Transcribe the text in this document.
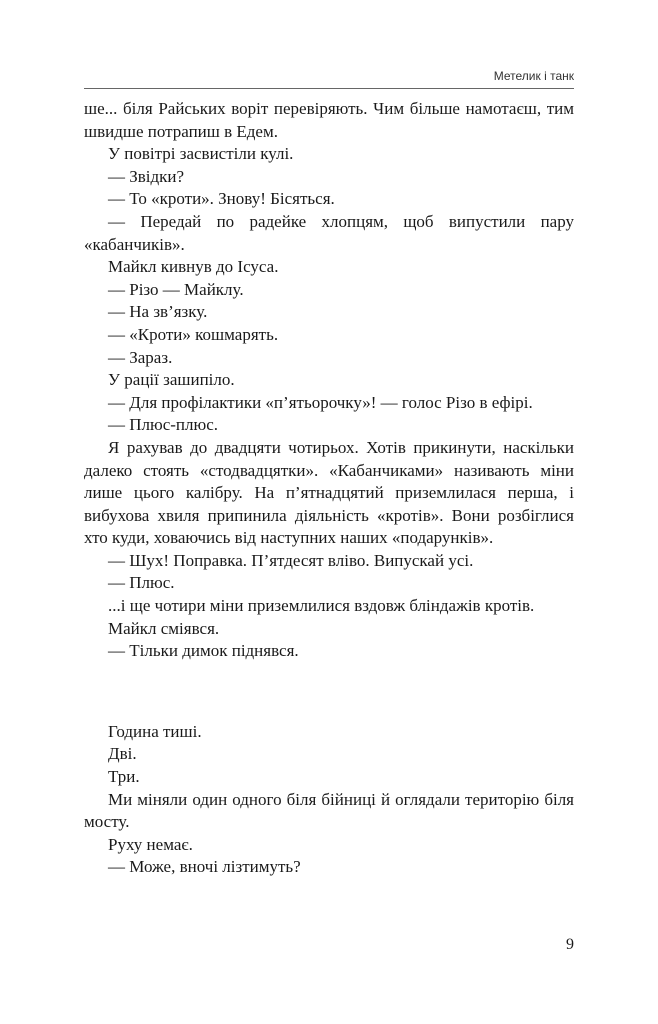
Метелик і танк

ше... біля Райських воріт перевіряють. Чим більше намотаєш, тим швидше потрапиш в Едем.

У повітрі засвистіли кулі.

— Звідки?

— То «кроти». Знову! Бісяться.

— Передай по радейке хлопцям, щоб випустили пару «кабанчиків».

Майкл кивнув до Ісуса.

— Різо — Майклу.

— На зв’язку.

— «Кроти» кошмарять.

— Зараз.

У рації зашипіло.

— Для профілактики «п’ятьорочку»! — голос Різо в ефірі.

— Плюс-плюс.

Я рахував до двадцяти чотирьох. Хотів прикинути, наскільки далеко стоять «стодвадцятки». «Кабанчиками» називають міни лише цього калібру. На п’ятнадцятий приземлилася перша, і вибухова хвиля припинила діяльність «кротів». Вони розбіглися хто куди, ховаючись від наступних наших «подарунків».

— Шух! Поправка. П’ятдесят вліво. Випускай усі.

— Плюс.

...і ще чотири міни приземлилися вздовж бліндажів кротів.

Майкл сміявся.

— Тільки димок піднявся.

Година тиші.

Дві.

Три.

Ми міняли один одного біля бійниці й оглядали територію біля мосту.

Руху немає.

— Може, вночі лізтимуть?

9
